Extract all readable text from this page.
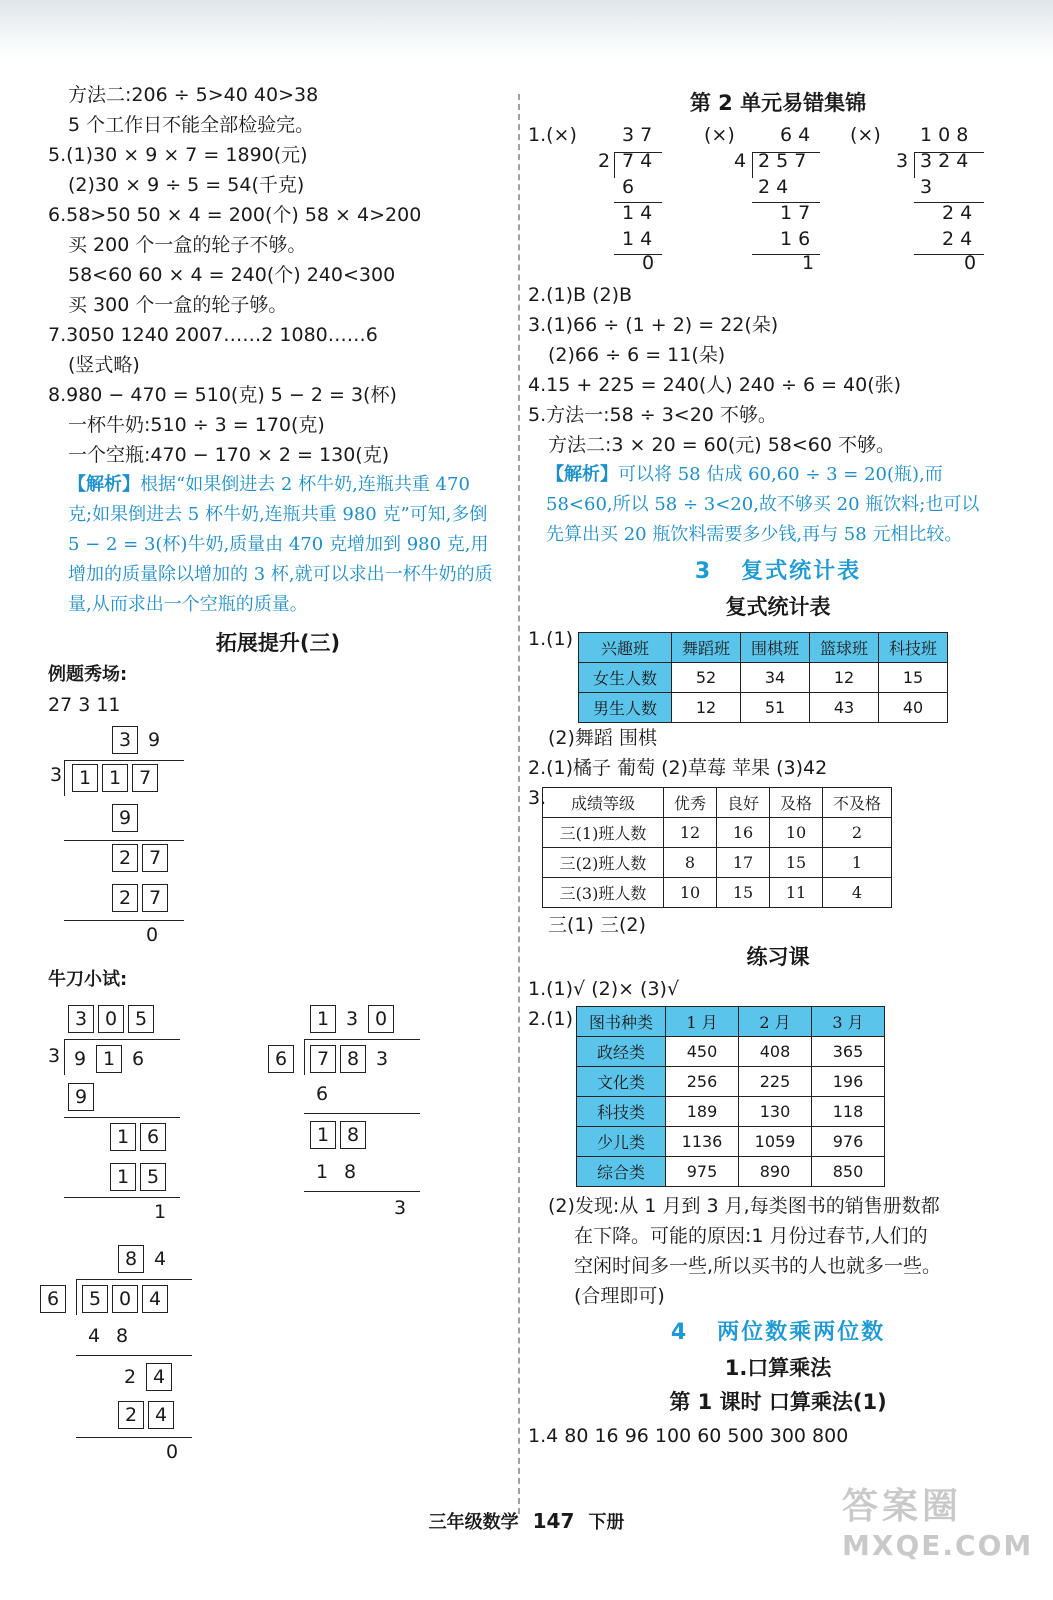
方法二:206 ÷ 5>40 40>38
5 个工作日不能全部检验完。
5.(1)30 × 9 × 7 = 1890(元)
(2)30 × 9 ÷ 5 = 54(千克)
6.58>50 50 × 4 = 200(个) 58 × 4>200
买 200 个一盒的轮子不够。
58<60 60 × 4 = 240(个) 240<300
买 300 个一盒的轮子够。
7.3050 1240 2007……2 1080……6
(竖式略)
8.980 − 470 = 510(克) 5 − 2 = 3(杯)
一杯牛奶:510 ÷ 3 = 170(克)
一个空瓶:470 − 170 × 2 = 130(克)
【解析】根据“如果倒进去 2 杯牛奶,连瓶共重 470 克;如果倒进去 5 杯牛奶,连瓶共重 980 克”可知,多倒 5 − 2 = 3(杯)牛奶,质量由 470 克增加到 980 克,用增加的质量除以增加的 3 杯,就可以求出一杯牛奶的质量,从而求出一个空瓶的质量。
拓展提升(三)
例题秀场:
27 3 11
3 9
3 1 1 7
9
2 7
2 7
0
牛刀小试:
3 0 5
3 9 1 6
9
1 6
1 5
1
1 3 0
6	7 8 3
6
1 8
1 8
3
8 4
6	5 0 4
4 8
2 4
2 4
0
第 2 单元易错集锦
1.(×)	(×)	(×)
3 7
2 7 4
6
1 4
1 4
0
6 4
4 2 5 7
2 4
1 7
1 6
1
1 0 8
3 3 2 4
3
2 4
2 4
0
2.(1)B (2)B
3.(1)66 ÷ (1 + 2) = 22(朵)
(2)66 ÷ 6 = 11(朵)
4.15 + 225 = 240(人) 240 ÷ 6 = 40(张)
5.方法一:58 ÷ 3<20 不够。
方法二:3 × 20 = 60(元) 58<60 不够。
【解析】可以将 58 估成 60,60 ÷ 3 = 20(瓶),而 58<60,所以 58 ÷ 3<20,故不够买 20 瓶饮料;也可以先算出买 20 瓶饮料需要多少钱,再与 58 元相比较。
3 复式统计表
复式统计表
1.(1)	兴趣班	舞蹈班	围棋班	篮球班	科技班
女生人数	52	34	12	15
男生人数	12	51	43	40
(2)舞蹈 围棋
2.(1)橘子 葡萄 (2)草莓 苹果 (3)42
3. 成绩等级	优秀	良好	及格	不及格
三(1)班人数	12	16	10	2
三(2)班人数	8	17	15	1
三(3)班人数	10	15	11	4
三(1) 三(2)
练习课
1.(1)√ (2)× (3)√
2.(1) 图书种类	1 月	2 月	3 月
政经类	450	408	365
文化类	256	225	196
科技类	189	130	118
少儿类	1136	1059	976
综合类	975	890	850
(2)发现:从 1 月到 3 月,每类图书的销售册数都
在下降。可能的原因:1 月份过春节,人们的
空闲时间多一些,所以买书的人也就多一些。
(合理即可)
4 两位数乘两位数
1.口算乘法
第 1 课时 口算乘法(1)
1.4 80 16 96 100 60 500 300 800
三年级数学 147 下册	答案圈
MXQE.COM
